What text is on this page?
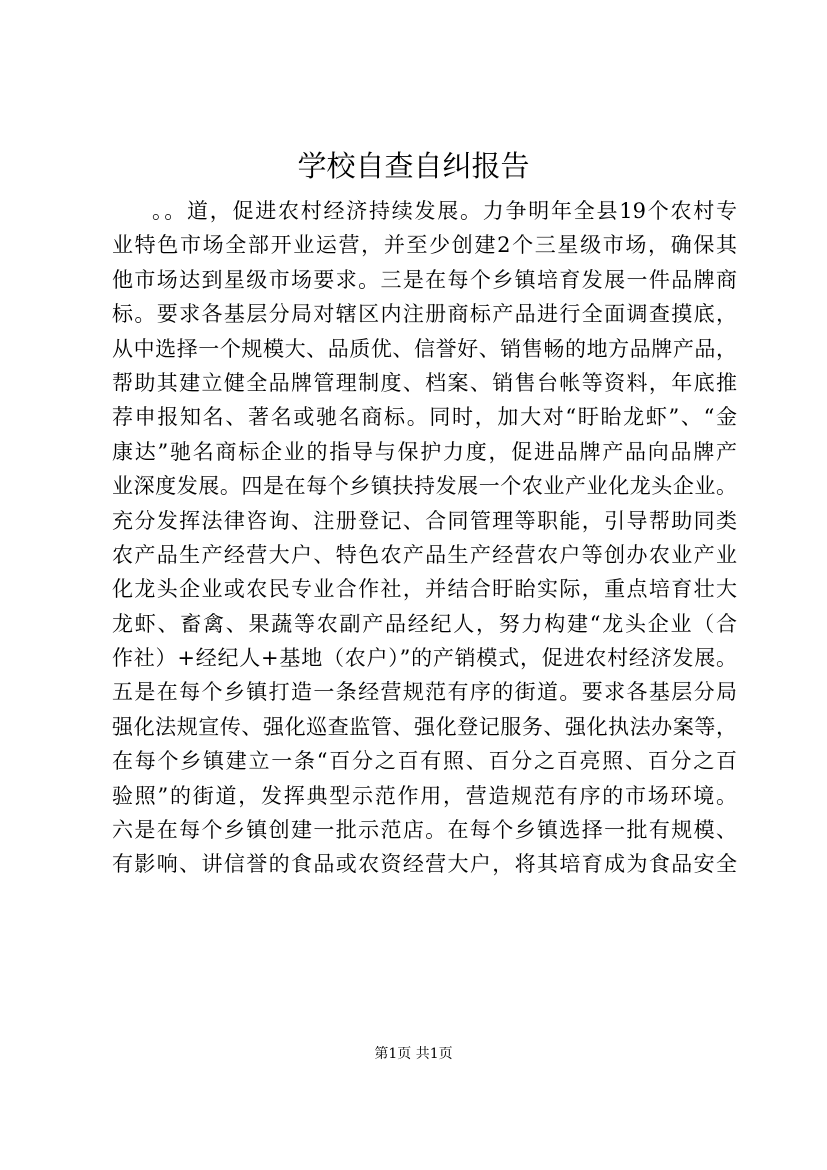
学校自查自纠报告
。。道，促进农村经济持续发展。力争明年全县19个农村专
业特色市场全部开业运营，并至少创建2个三星级市场，确保其
他市场达到星级市场要求。三是在每个乡镇培育发展一件品牌商
标。要求各基层分局对辖区内注册商标产品进行全面调查摸底，
从中选择一个规模大、品质优、信誉好、销售畅的地方品牌产品，
帮助其建立健全品牌管理制度、档案、销售台帐等资料，年底推
荐申报知名、著名或驰名商标。同时，加大对“盱眙龙虾”、“金
康达”驰名商标企业的指导与保护力度，促进品牌产品向品牌产
业深度发展。四是在每个乡镇扶持发展一个农业产业化龙头企业。
充分发挥法律咨询、注册登记、合同管理等职能，引导帮助同类
农产品生产经营大户、特色农产品生产经营农户等创办农业产业
化龙头企业或农民专业合作社，并结合盱眙实际，重点培育壮大
龙虾、畜禽、果蔬等农副产品经纪人，努力构建“龙头企业（合
作社）+经纪人+基地（农户）”的产销模式，促进农村经济发展。
五是在每个乡镇打造一条经营规范有序的街道。要求各基层分局
强化法规宣传、强化巡查监管、强化登记服务、强化执法办案等，
在每个乡镇建立一条“百分之百有照、百分之百亮照、百分之百
验照”的街道，发挥典型示范作用，营造规范有序的市场环境。
六是在每个乡镇创建一批示范店。在每个乡镇选择一批有规模、
有影响、讲信誉的食品或农资经营大户，将其培育成为食品安全
第1页 共1页
